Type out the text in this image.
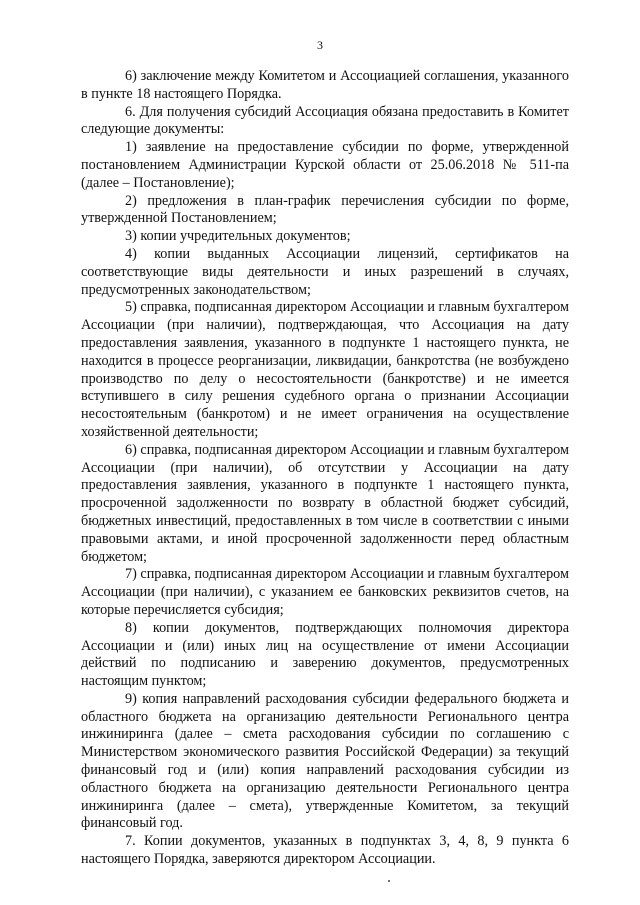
3

6) заключение между Комитетом и Ассоциацией соглашения, указанного в пункте 18 настоящего Порядка.

6. Для получения субсидий Ассоциация обязана предоставить в Комитет следующие документы:

1) заявление на предоставление субсидии по форме, утвержденной постановлением Администрации Курской области от 25.06.2018 № 511-па (далее – Постановление);

2) предложения в план-график перечисления субсидии по форме, утвержденной Постановлением;

3) копии учредительных документов;

4) копии выданных Ассоциации лицензий, сертификатов на соответствующие виды деятельности и иных разрешений в случаях, предусмотренных законодательством;

5) справка, подписанная директором Ассоциации и главным бухгалтером Ассоциации (при наличии), подтверждающая, что Ассоциация на дату предоставления заявления, указанного в подпункте 1 настоящего пункта, не находится в процессе реорганизации, ликвидации, банкротства (не возбуждено производство по делу о несостоятельности (банкротстве) и не имеется вступившего в силу решения судебного органа о признании Ассоциации несостоятельным (банкротом) и не имеет ограничения на осуществление хозяйственной деятельности;

6) справка, подписанная директором Ассоциации и главным бухгалтером Ассоциации (при наличии), об отсутствии у Ассоциации на дату предоставления заявления, указанного в подпункте 1 настоящего пункта, просроченной задолженности по возврату в областной бюджет субсидий, бюджетных инвестиций, предоставленных в том числе в соответствии с иными правовыми актами, и иной просроченной задолженности перед областным бюджетом;

7) справка, подписанная директором Ассоциации и главным бухгалтером Ассоциации (при наличии), с указанием ее банковских реквизитов счетов, на которые перечисляется субсидия;

8) копии документов, подтверждающих полномочия директора Ассоциации и (или) иных лиц на осуществление от имени Ассоциации действий по подписанию и заверению документов, предусмотренных настоящим пунктом;

9) копия направлений расходования субсидии федерального бюджета и областного бюджета на организацию деятельности Регионального центра инжиниринга (далее – смета расходования субсидии по соглашению с Министерством экономического развития Российской Федерации) за текущий финансовый год и (или) копия направлений расходования субсидии из областного бюджета на организацию деятельности Регионального центра инжиниринга (далее – смета), утвержденные Комитетом, за текущий финансовый год.

7. Копии документов, указанных в подпунктах 3, 4, 8, 9 пункта 6 настоящего Порядка, заверяются директором Ассоциации.
